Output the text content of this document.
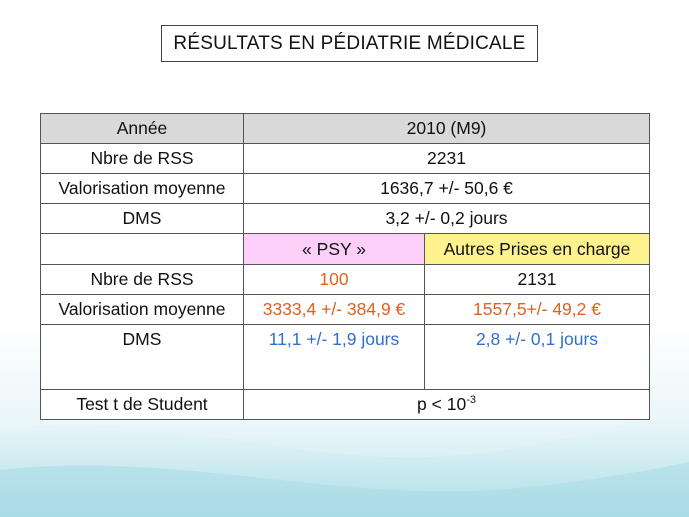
RÉSULTATS EN PÉDIATRIE MÉDICALE
Année	2010 (M9)	
Nbre de RSS	2231	
Valorisation moyenne	1636,7 +/- 50,6 €	
DMS	3,2 +/- 0,2 jours	
	« PSY »	Autres Prises en charge
Nbre de RSS	100	2131
Valorisation moyenne	3333,4 +/- 384,9 €	1557,5+/- 49,2 €
DMS	11,1 +/- 1,9 jours	2,8 +/- 0,1 jours
Test t de Student	$p < 10^{-3}$
